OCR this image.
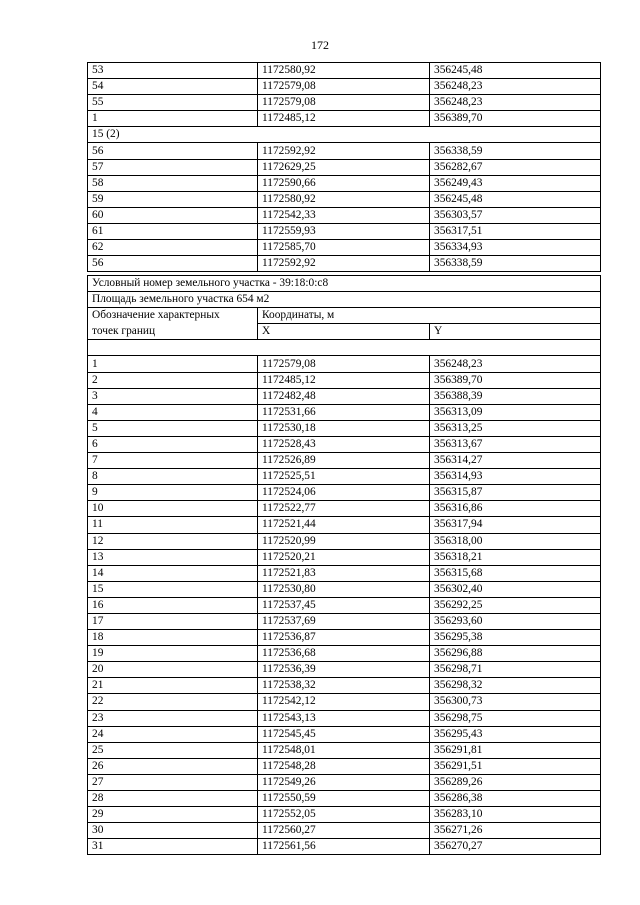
172
53	1172580,92	356245,48
54	1172579,08	356248,23
55	1172579,08	356248,23
1	1172485,12	356389,70
15 (2)		
56	1172592,92	356338,59
57	1172629,25	356282,67
58	1172590,66	356249,43
59	1172580,92	356245,48
60	1172542,33	356303,57
61	1172559,93	356317,51
62	1172585,70	356334,93
56	1172592,92	356338,59
Условный номер земельного участка - 39:18:0:с8		
Площадь земельного участка 654 м2		
Обозначение характерных	Координаты, м	
точек границ	X	Y

1	1172579,08	356248,23
2	1172485,12	356389,70
3	1172482,48	356388,39
4	1172531,66	356313,09
5	1172530,18	356313,25
6	1172528,43	356313,67
7	1172526,89	356314,27
8	1172525,51	356314,93
9	1172524,06	356315,87
10	1172522,77	356316,86
11	1172521,44	356317,94
12	1172520,99	356318,00
13	1172520,21	356318,21
14	1172521,83	356315,68
15	1172530,80	356302,40
16	1172537,45	356292,25
17	1172537,69	356293,60
18	1172536,87	356295,38
19	1172536,68	356296,88
20	1172536,39	356298,71
21	1172538,32	356298,32
22	1172542,12	356300,73
23	1172543,13	356298,75
24	1172545,45	356295,43
25	1172548,01	356291,81
26	1172548,28	356291,51
27	1172549,26	356289,26
28	1172550,59	356286,38
29	1172552,05	356283,10
30	1172560,27	356271,26
31	1172561,56	356270,27
